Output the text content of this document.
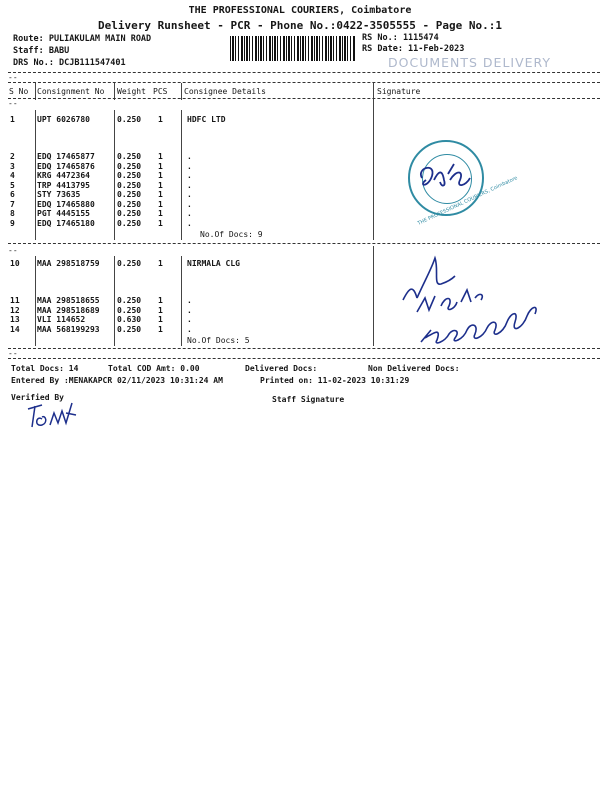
THE PROFESSIONAL COURIERS, Coimbatore
Delivery Runsheet - PCR - Phone No.:0422-3505555 - Page No.:1
Route: PULIAKULAM MAIN ROAD
Staff: BABU
DRS No.: DCJB111547401
RS No.: 1115474
RS Date: 11-Feb-2023
DOCUMENTS DELIVERY
--
S No Consignment No Weight PCS Consignee Details	Signature
--
1	UPT 6026780	0.250 1	HDFC LTD
2	EDQ 17465877	0.250 1	.
3	EDQ 17465876	0.250 1	.
4	KRG 4472364	0.250 1	.
5	TRP 4413795	0.250 1	.
6	STY 73635	0.250 1	.
7	EDQ 17465880	0.250 1	.
8	PGT 4445155	0.250 1	.
9	EDQ 17465180	0.250 1	.
No.Of Docs: 9
THE PROFESSIONAL COURIERS, Coimbatore
--
10 MAA 298518759 0.250 1	NIRMALA CLG
11 MAA 298518655 0.250 1	.
12 MAA 298518689 0.250 1	.
13 VLI 114652	0.630 1	.
14 MAA 568199293 0.250 1	.
No.Of Docs: 5
--
Total Docs: 14	Total COD Amt: 0.00	Delivered Docs:	Non Delivered Docs:
Entered By :MENAKAPCR 02/11/2023 10:31:24 AM	Printed on: 11-02-2023 10:31:29
Verified By	Staff Signature
